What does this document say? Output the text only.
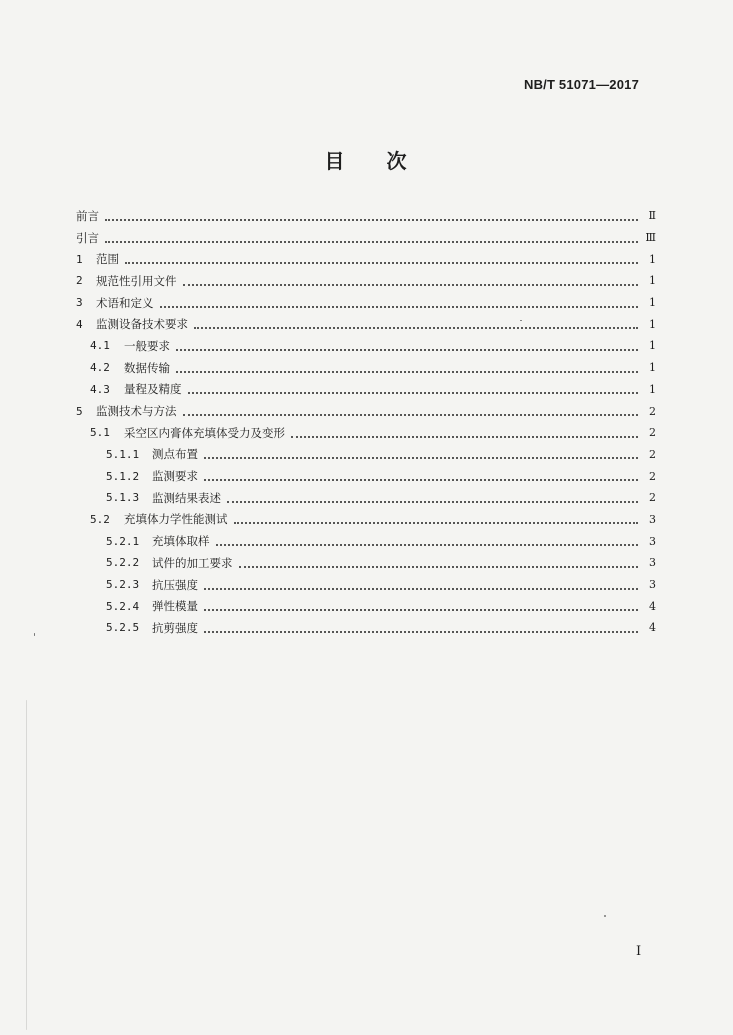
NB/T 51071—2017
目 次
前言	Ⅱ
引言	Ⅲ
1	范围	1
2	规范性引用文件	1
3	术语和定义	1
4	监测设备技术要求	1
4.1	一般要求	1
4.2	数据传输	1
4.3	量程及精度	1
5	监测技术与方法	2
5.1	采空区内膏体充填体受力及变形	2
5.1.1	测点布置	2
5.1.2	监测要求	2
5.1.3	监测结果表述	2
5.2	充填体力学性能测试	3
5.2.1	充填体取样	3
5.2.2	试件的加工要求	3
5.2.3	抗压强度	3
5.2.4	弹性模量	4
5.2.5	抗剪强度	4
I
